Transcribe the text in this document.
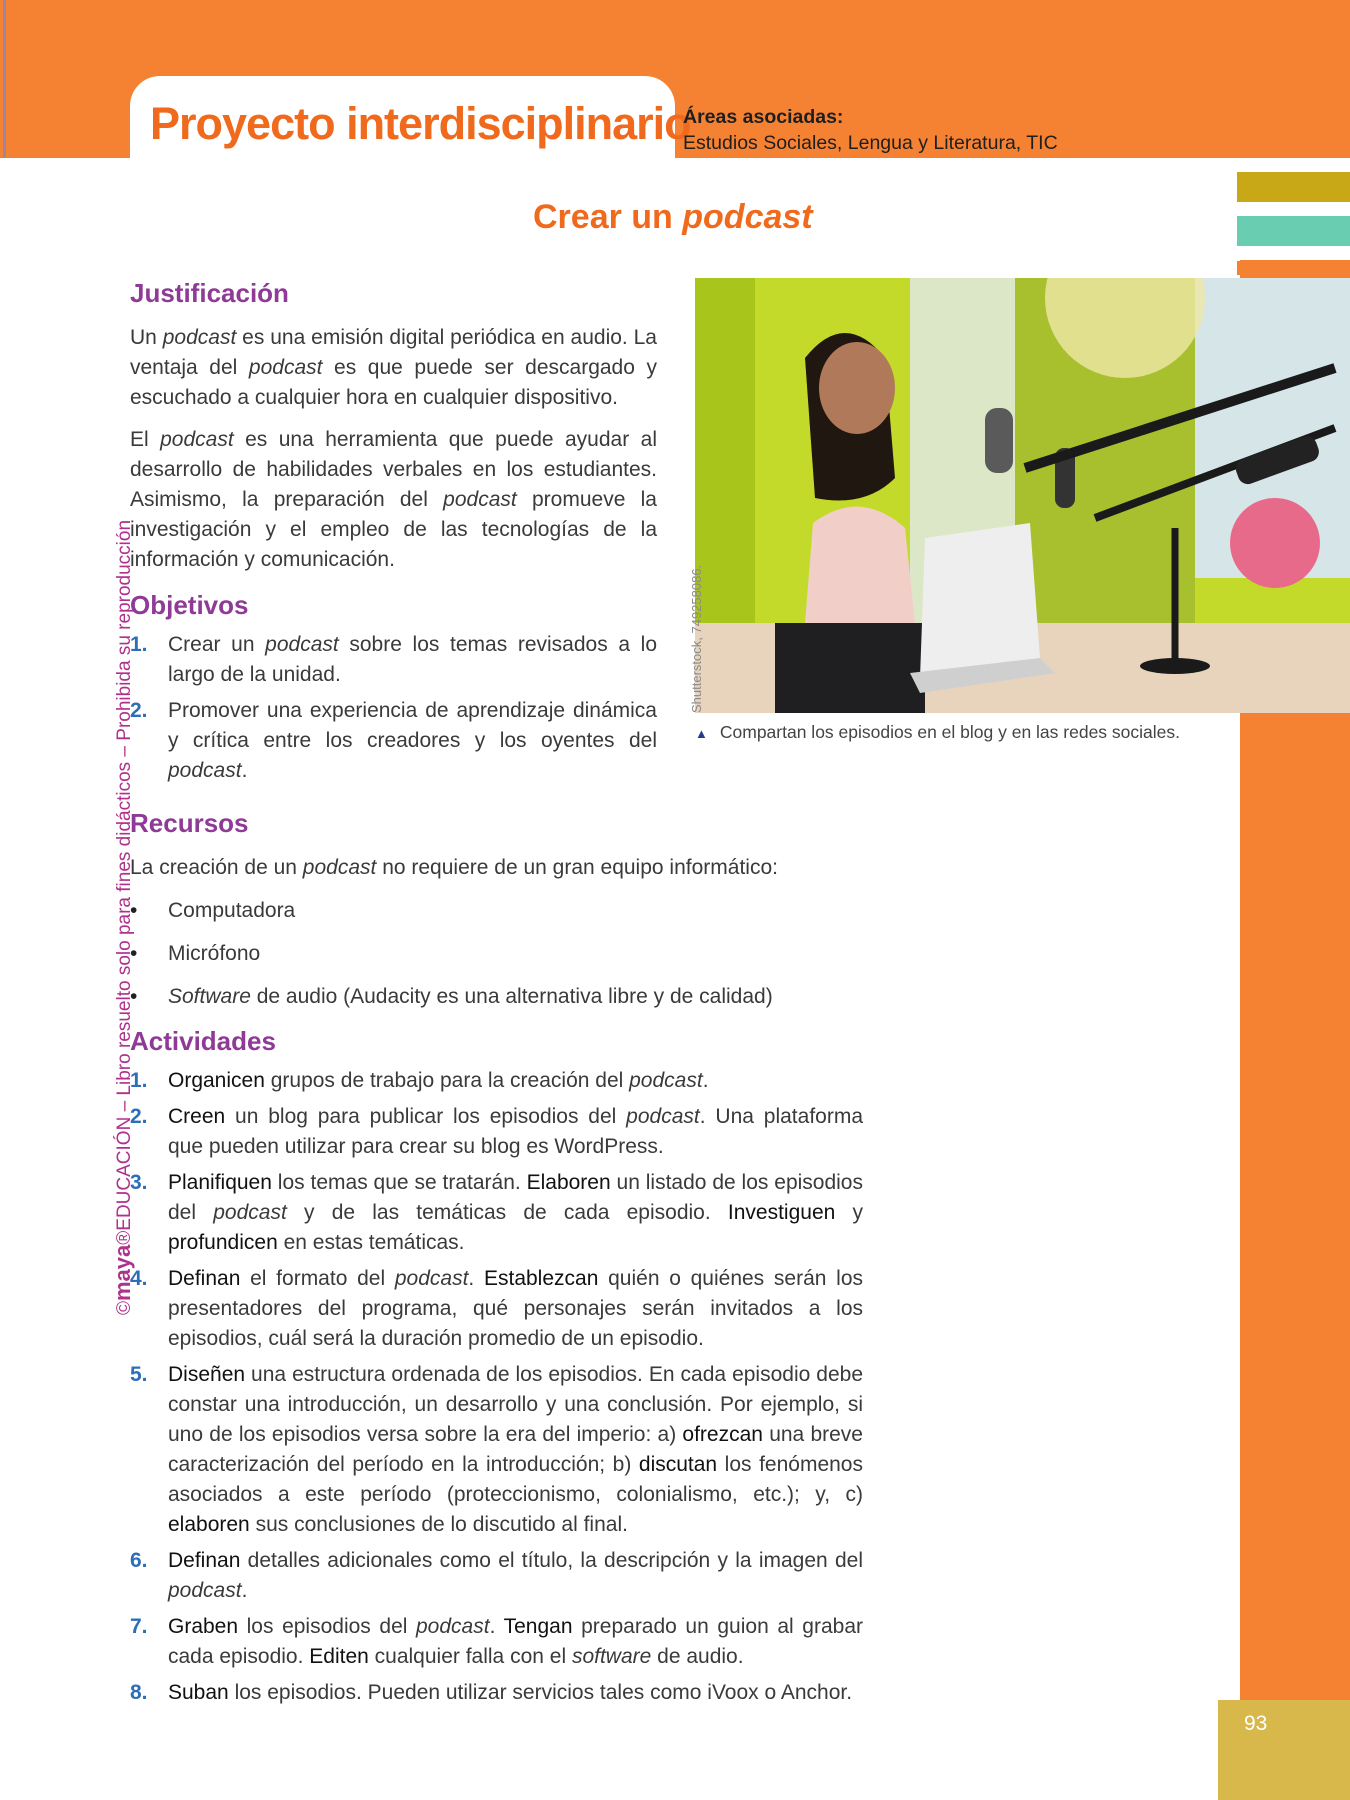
Proyecto interdisciplinario
Áreas asociadas:
Estudios Sociales, Lengua y Literatura, TIC
93
©maya®EDUCACIÓN – Libro resuelto solo para fines didácticos – Prohibida su reproducción
Crear un podcast
Justificación

Un podcast es una emisión digital periódica en audio. La ventaja del podcast es que puede ser descargado y escuchado a cualquier hora en cualquier dispositivo.

El podcast es una herramienta que puede ayudar al desarrollo de habilidades verbales en los estudiantes. Asimismo, la preparación del podcast promueve la investigación y el empleo de las tecnologías de la información y comunicación.

Objetivos
1. Crear un podcast sobre los temas revisados a lo largo de la unidad.
2. Promover una experiencia de aprendizaje dinámica y crítica entre los creadores y los oyentes del podcast.
Shutterstock, 749258086.
▲ Compartan los episodios en el blog y en las redes sociales.
Recursos

La creación de un podcast no requiere de un gran equipo informático:

• Computadora
• Micrófono
• Software de audio (Audacity es una alternativa libre y de calidad)
Actividades
1. Organicen grupos de trabajo para la creación del podcast.
2. Creen un blog para publicar los episodios del podcast. Una plataforma que pueden utilizar para crear su blog es WordPress.
3. Planifiquen los temas que se tratarán. Elaboren un listado de los episodios del podcast y de las temáticas de cada episodio. Investiguen y profundicen en estas temáticas.
4. Definan el formato del podcast. Establezcan quién o quiénes serán los presentadores del programa, qué personajes serán invitados a los episodios, cuál será la duración promedio de un episodio.
5. Diseñen una estructura ordenada de los episodios. En cada episodio debe constar una introducción, un desarrollo y una conclusión. Por ejemplo, si uno de los episodios versa sobre la era del imperio: a) ofrezcan una breve caracterización del período en la introducción; b) discutan los fenómenos asociados a este período (proteccionismo, colonialismo, etc.); y, c) elaboren sus conclusiones de lo discutido al final.
6. Definan detalles adicionales como el título, la descripción y la imagen del podcast.
7. Graben los episodios del podcast. Tengan preparado un guion al grabar cada episodio. Editen cualquier falla con el software de audio.
8. Suban los episodios. Pueden utilizar servicios tales como iVoox o Anchor.
